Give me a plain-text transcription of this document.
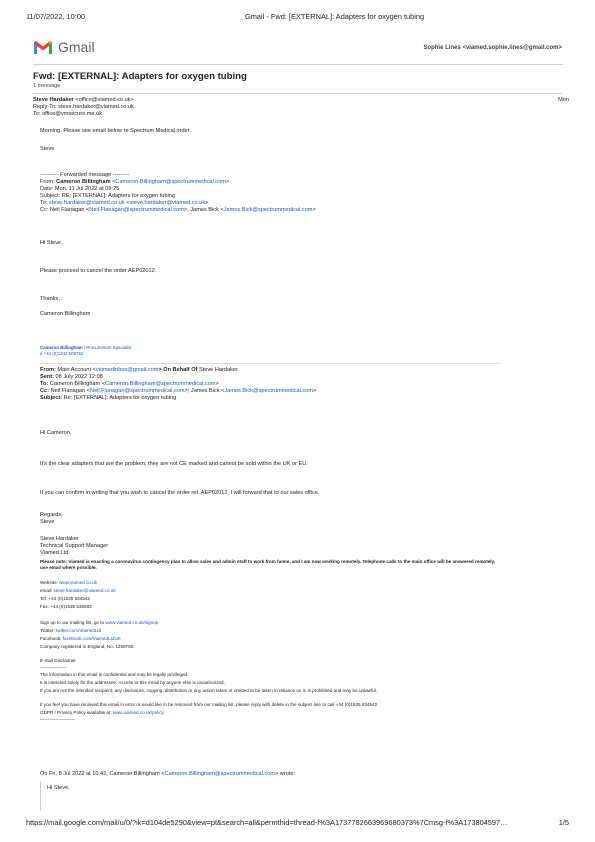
11/07/2022, 10:00	Gmail - Fwd: [EXTERNAL]: Adapters for oxygen tubing
Gmail	Sophie Lines <viamed.sophie.lines@gmail.com>
Fwd: [EXTERNAL]: Adapters for oxygen tubing
1 message
Steve Hardaker <office@viamed.co.uk>	Mon
Reply-To: steve.hardaker@viamed.co.uk
To: office@vmsecure.me.uk
Morning. Please see email below re Spectrum Medical order.
Steve
---------- Forwarded message ---------
From: Cameron Billingham <Cameron.Billingham@spectrummedical.com>
Date: Mon, 11 Jul 2022 at 09:25
Subject: RE: [EXTERNAL]: Adapters for oxygen tubing
To: steve.hardaker@viamed.co.uk <steve.hardaker@viamed.co.uk>
Cc: Neil Flanagan <Neil.Flanagan@spectrummedical.com>, James Bick <James.Bick@spectrummedical.com>
Hi Steve,
Please proceed to cancel the order AEP02012.
Thanks,
Cameron Billingham
Cameron Billingham | Procurement Specialist
d +44 (0)1242 509762
From: Main Account <viamedinbox@gmail.com> On Behalf Of Steve Hardaker
Sent: 08 July 2022 12:08
To: Cameron Billingham <Cameron.Billingham@spectrummedical.com>
Cc: Neil Flanagan <Neil.Flanagan@spectrummedical.com>; James Bick <James.Bick@spectrummedical.com>
Subject: Re: [EXTERNAL]: Adapters for oxygen tubing
Hi Cameron,
It's the clear adapters that are the problem; they are not CE marked and cannot be sold within the UK or EU.
If you can confirm in writing that you wish to cancel the order ref. AEP02012, I will forward that to our sales office.
Regards,
Steve
Steve Hardaker
Technical Support Manager
Viamed Ltd.
Please note: Viamed is enacting a coronavirus contingency plan to allow sales and admin staff to work from home, and I am now working remotely. Telephone calls to the main office will be answered remotely,
use email where possible.
Website: www.viamed.co.uk
email: steve.hardaker@viamed.co.uk
Tel: +44 (0)1535 634542
Fax: +44 (0)1535 635582
Sign up to our mailing list, go to www.viamed.co.uk/signup
Twitter: twitter.com/ViamedLtd
Facebook: facebook.com/ViamedLtdUK
Company registered in England, No. 1259785.
E-mail Disclaimer
-----------------
The information in this email is confidential and may be legally privileged.
It is intended solely for the addressee. Access to this email by anyone else is unauthorized.
If you are not the intended recipient, any disclosure, copying, distribution or any action taken or omitted to be taken in reliance on it, is prohibited and may be unlawful.
If you feel you have received this email in error or would like to be removed from our mailing list, please reply with delete in the subject line or call +44 (0)1535 634542
GDPR / Privacy Policy available at: www.viamed.co.uk/policy
-----------------------
On Fri, 8 Jul 2022 at 10:42, Cameron Billingham <Cameron.Billingham@spectrummedical.com> wrote:
Hi Steve,
https://mail.google.com/mail/u/0/?ik=d104de5290&view=pt&search=all&permthid=thread-f%3A1737782663969680373%7Cmsg-f%3A173804597…	1/5
